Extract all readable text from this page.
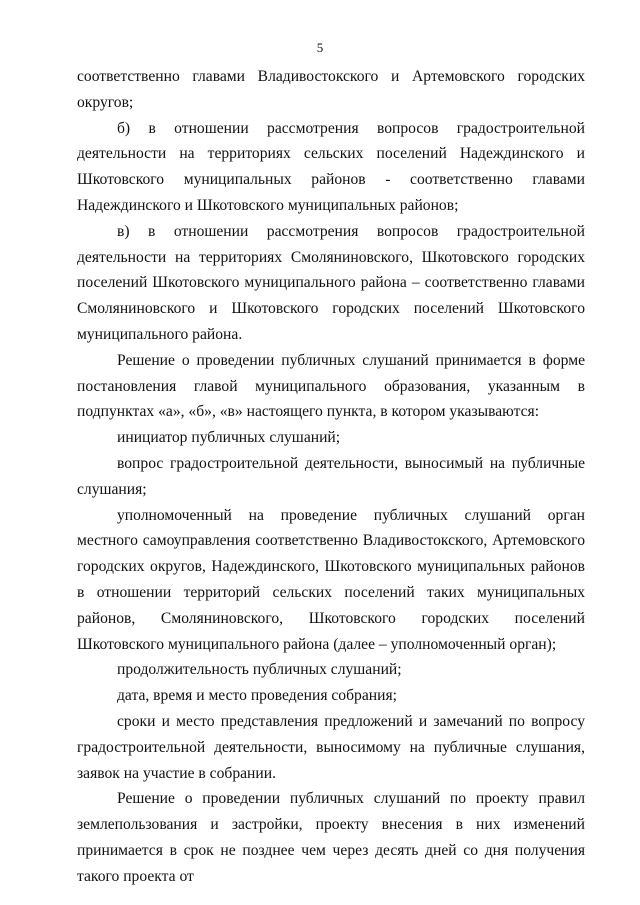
5

соответственно главами Владивостокского и Артемовского городских округов;

б) в отношении рассмотрения вопросов градостроительной деятельности на территориях сельских поселений Надеждинского и Шкотовского муниципальных районов - соответственно главами Надеждинского и Шкотовского муниципальных районов;

в) в отношении рассмотрения вопросов градостроительной деятельности на территориях Смоляниновского, Шкотовского городских поселений Шкотовского муниципального района – соответственно главами Смоляниновского и Шкотовского городских поселений Шкотовского муниципального района.

Решение о проведении публичных слушаний принимается в форме постановления главой муниципального образования, указанным в подпунктах «а», «б», «в» настоящего пункта, в котором указываются:

инициатор публичных слушаний;

вопрос градостроительной деятельности, выносимый на публичные слушания;

уполномоченный на проведение публичных слушаний орган местного самоуправления соответственно Владивостокского, Артемовского городских округов, Надеждинского, Шкотовского муниципальных районов в отношении территорий сельских поселений таких муниципальных районов, Смоляниновского, Шкотовского городских поселений Шкотовского муниципального района (далее – уполномоченный орган);

продолжительность публичных слушаний;

дата, время и место проведения собрания;

сроки и место представления предложений и замечаний по вопросу градостроительной деятельности, выносимому на публичные слушания, заявок на участие в собрании.

Решение о проведении публичных слушаний по проекту правил землепользования и застройки, проекту внесения в них изменений принимается в срок не позднее чем через десять дней со дня получения такого проекта от
